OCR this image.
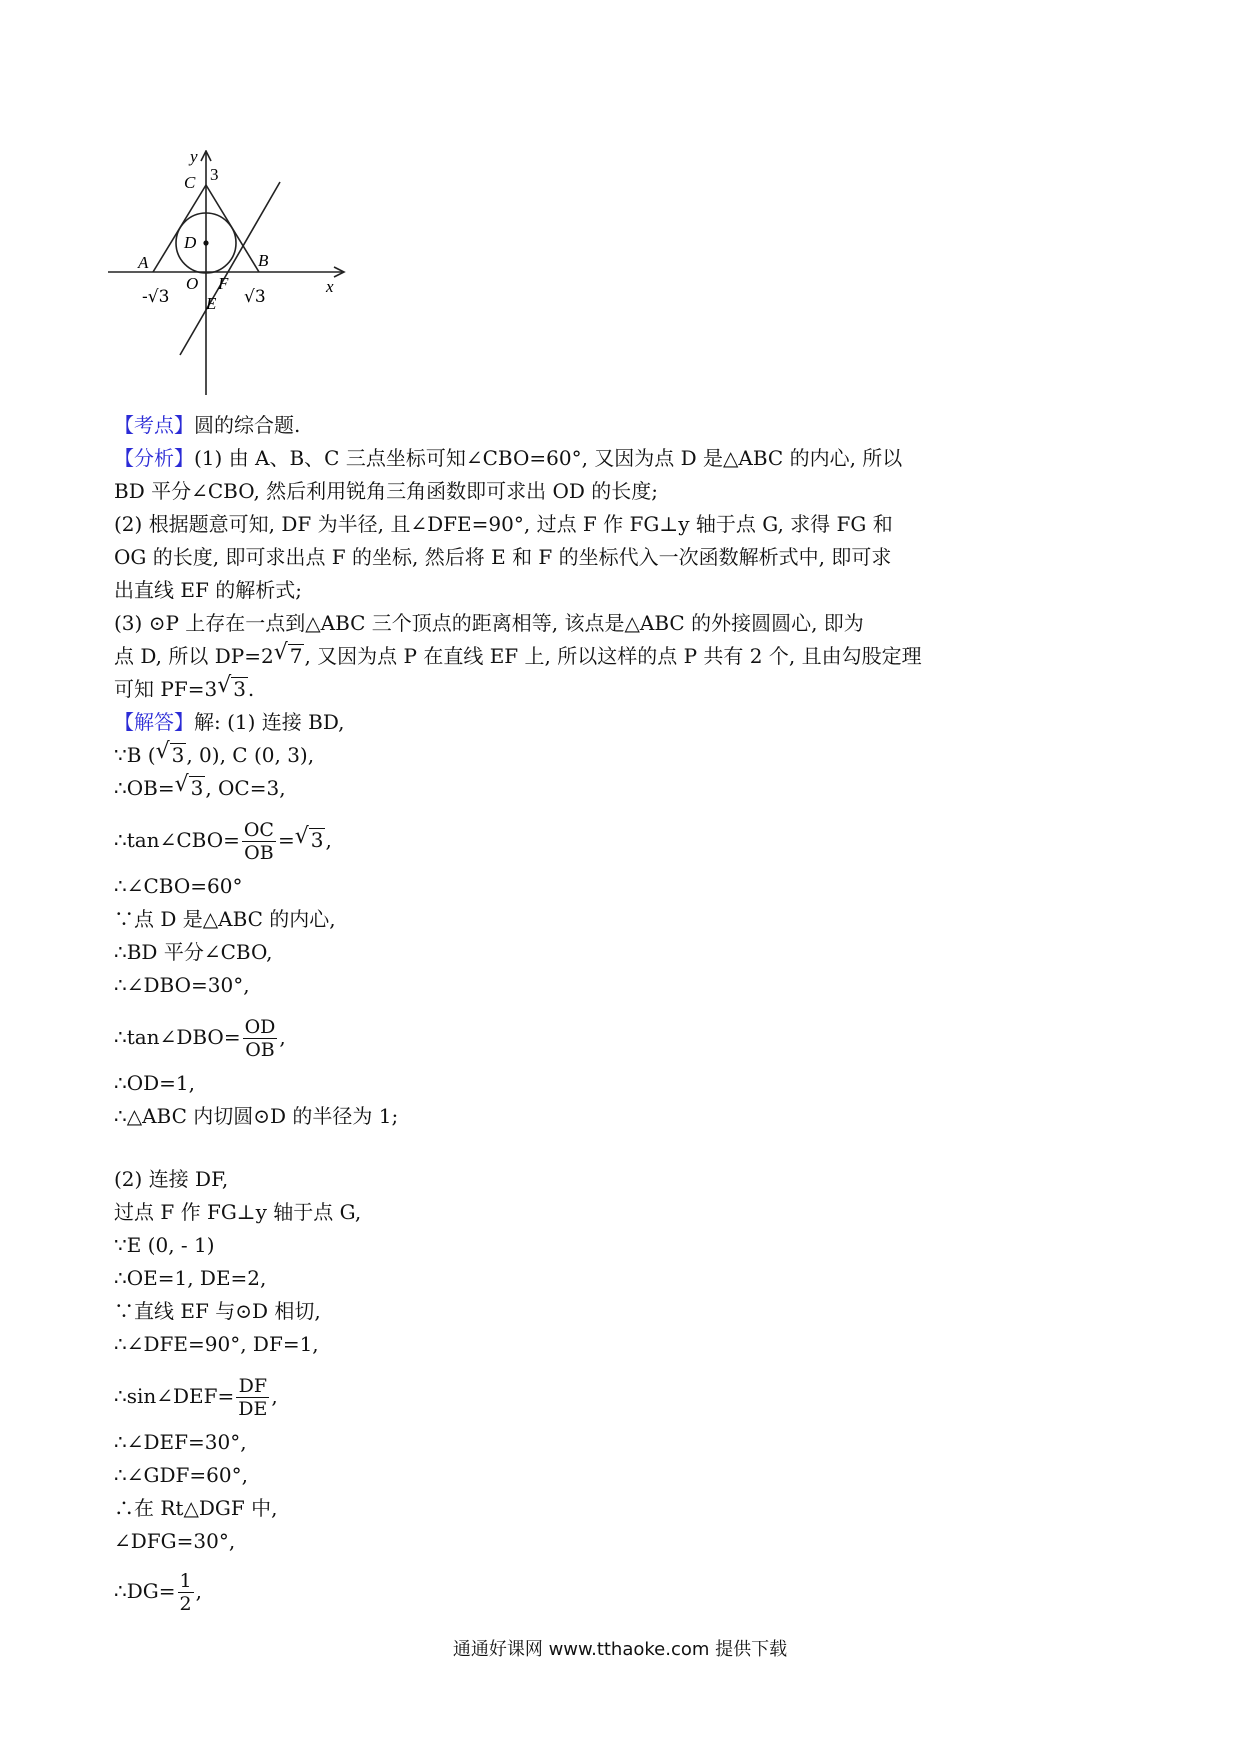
y
x
C 3
D
A	B
O F
E
-√3	√3
【考点】圆的综合题.
【分析】(1) 由 A、B、C 三点坐标可知∠CBO=60°, 又因为点 D 是△ABC 的内心, 所以
BD 平分∠CBO, 然后利用锐角三角函数即可求出 OD 的长度;
(2) 根据题意可知, DF 为半径, 且∠DFE=90°, 过点 F 作 FG⊥y 轴于点 G, 求得 FG 和
OG 的长度, 即可求出点 F 的坐标, 然后将 E 和 F 的坐标代入一次函数解析式中, 即可求
出直线 EF 的解析式;
(3) ⊙P 上存在一点到△ABC 三个顶点的距离相等, 该点是△ABC 的外接圆圆心, 即为
点 D, 所以 DP=2 √ 7 , 又因为点 P 在直线 EF 上, 所以这样的点 P 共有 2 个, 且由勾股定理
可知 PF=3 √ 3 .
【解答】解: (1) 连接 BD,
∵B ( √ 3 , 0), C (0, 3),
∴OB= √ 3 , OC=3,
∴tan∠CBO= $\frac{OC}{OB}$ = √ 3 ,
∴∠CBO=60°
∵点 D 是△ABC 的内心,
∴BD 平分∠CBO,
∴∠DBO=30°,
∴tan∠DBO= $\frac{OD}{OB}$ ,
∴OD=1,
∴△ABC 内切圆⊙D 的半径为 1;
(2) 连接 DF,
过点 F 作 FG⊥y 轴于点 G,
∵E (0, - 1)
∴OE=1, DE=2,
∵直线 EF 与⊙D 相切,
∴∠DFE=90°, DF=1,
∴sin∠DEF= $\frac{DF}{DE}$ ,
∴∠DEF=30°,
∴∠GDF=60°,
∴在 Rt△DGF 中,
∠DFG=30°,
∴DG= $\frac{1}{2}$ ,
通通好课网 www.tthaoke.com 提供下载
